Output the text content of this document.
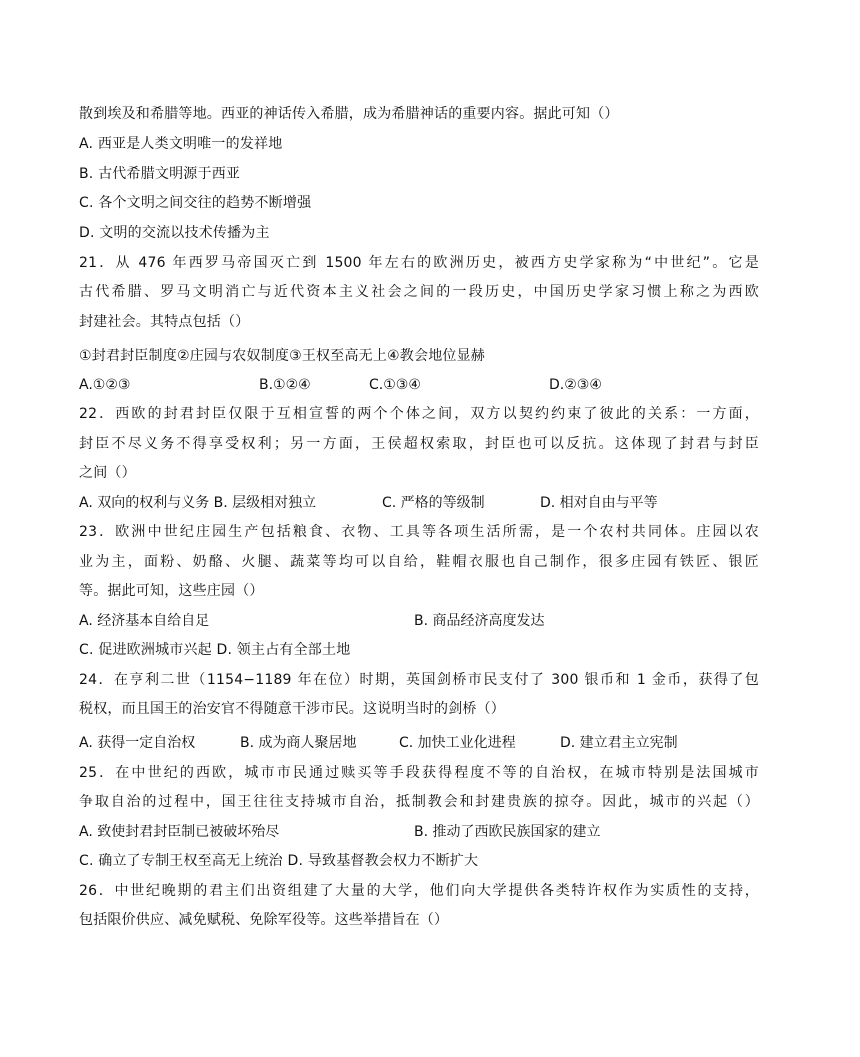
散到埃及和希腊等地。西亚的神话传入希腊，成为希腊神话的重要内容。据此可知（）
A. 西亚是人类文明唯一的发祥地
B. 古代希腊文明源于西亚
C. 各个文明之间交往的趋势不断增强
D. 文明的交流以技术传播为主
21．从 476 年西罗马帝国灭亡到 1500 年左右的欧洲历史，被西方史学家称为“中世纪”。它是
古代希腊、罗马文明消亡与近代资本主义社会之间的一段历史，中国历史学家习惯上称之为西欧
封建社会。其特点包括（）
①封君封臣制度②庄园与农奴制度③王权至高无上④教会地位显赫
A.①②③	B.①②④	C.①③④	D.②③④
22．西欧的封君封臣仅限于互相宣誓的两个个体之间，双方以契约约束了彼此的关系：一方面，
封臣不尽义务不得享受权利；另一方面，王侯超权索取，封臣也可以反抗。这体现了封君与封臣
之间（）
A. 双向的权利与义务 B. 层级相对独立	C. 严格的等级制	D. 相对自由与平等
23．欧洲中世纪庄园生产包括粮食、衣物、工具等各项生活所需，是一个农村共同体。庄园以农
业为主，面粉、奶酪、火腿、蔬菜等均可以自给，鞋帽衣服也自己制作，很多庄园有铁匠、银匠
等。据此可知，这些庄园（）
A. 经济基本自给自足	B. 商品经济高度发达
C. 促进欧洲城市兴起 D. 领主占有全部土地
24．在亨利二世（1154−1189 年在位）时期，英国剑桥市民支付了 300 银币和 1 金币，获得了包
税权，而且国王的治安官不得随意干涉市民。这说明当时的剑桥（）
A. 获得一定自治权	B. 成为商人聚居地	C. 加快工业化进程	D. 建立君主立宪制
25．在中世纪的西欧，城市市民通过赎买等手段获得程度不等的自治权，在城市特别是法国城市
争取自治的过程中，国王往往支持城市自治，抵制教会和封建贵族的掠夺。因此，城市的兴起（）
A. 致使封君封臣制已被破坏殆尽	B. 推动了西欧民族国家的建立
C. 确立了专制王权至高无上统治 D. 导致基督教会权力不断扩大
26．中世纪晚期的君主们出资组建了大量的大学，他们向大学提供各类特许权作为实质性的支持，
包括限价供应、减免赋税、免除军役等。这些举措旨在（）
